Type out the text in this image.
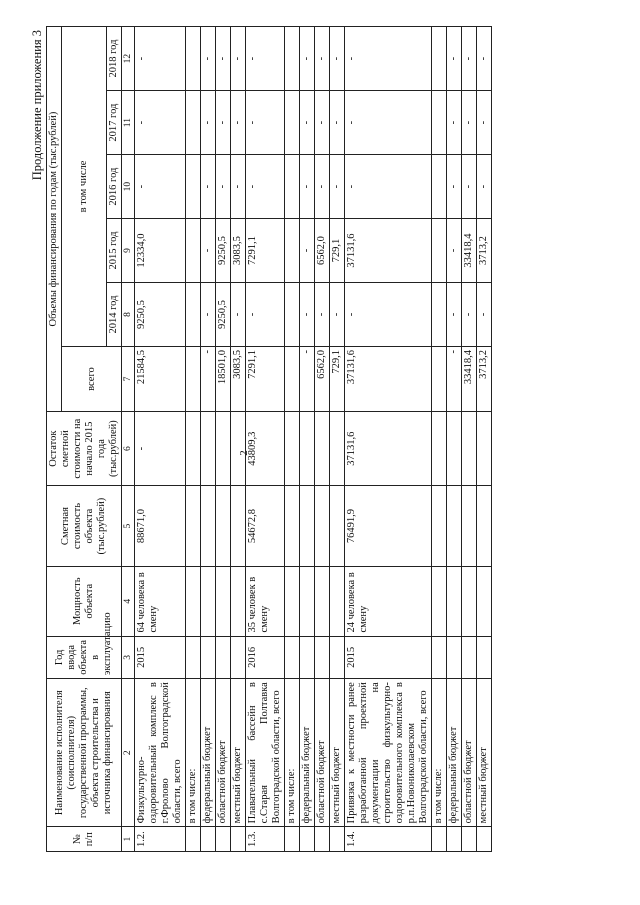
2
Продолжение приложения 3
№ п/п	Наименование исполнителя (соисполнителя) государственной программы, объекта строительства и источника финансирования	Год ввода объекта в эксплуатацию	Мощность объекта	Сметная стоимость объекта (тыс.рублей)	Остаток сметной стоимости на начало 2015 года (тыс.рублей)	Объемы финансирования по годам (тыс.рублей)					
						всего	в том числе				
							2014 год	2015 год	2016 год	2017 год	2018 год
1	2	3	4	5	6	7	8	9	10	11	12
1.2.	Физкультурно-оздоровительный комплекс в г.Фролово Волгоградской области, всего	2015	64 человека в смену	88671,0	-	21584,5	9250,5	12334,0	-	-	-
	в том числе:										
	федеральный бюджет					-	-	-	-	-	-
	областной бюджет					18501,0	9250,5	9250,5	-	-	-
	местный бюджет					3083,5	-	3083,5	-	-	-
1.3.	Плавательный бассейн в с.Старая Полтавка Волгоградской области, всего	2016	35 человек в смену	54672,8	43809,3	7291,1	-	7291,1	-	-	-
	в том числе:										
	федеральный бюджет					-	-	-	-	-	-
	областной бюджет					6562,0	-	6562,0	-	-	-
	местный бюджет					729,1	-	729,1	-	-	-
1.4.	Привязка к местности ранее разработанной проектной документации на строительство физкультурно-оздоровительного комплекса в р.п.Новониколаевском Волгоградской области, всего	2015	24 человека в смену	76491,9	37131,6	37131,6	-	37131,6	-	-	-
	в том числе:										
	федеральный бюджет					-	-	-	-	-	-
	областной бюджет					33418,4	-	33418,4	-	-	-
	местный бюджет					3713,2	-	3713,2	-	-	-
